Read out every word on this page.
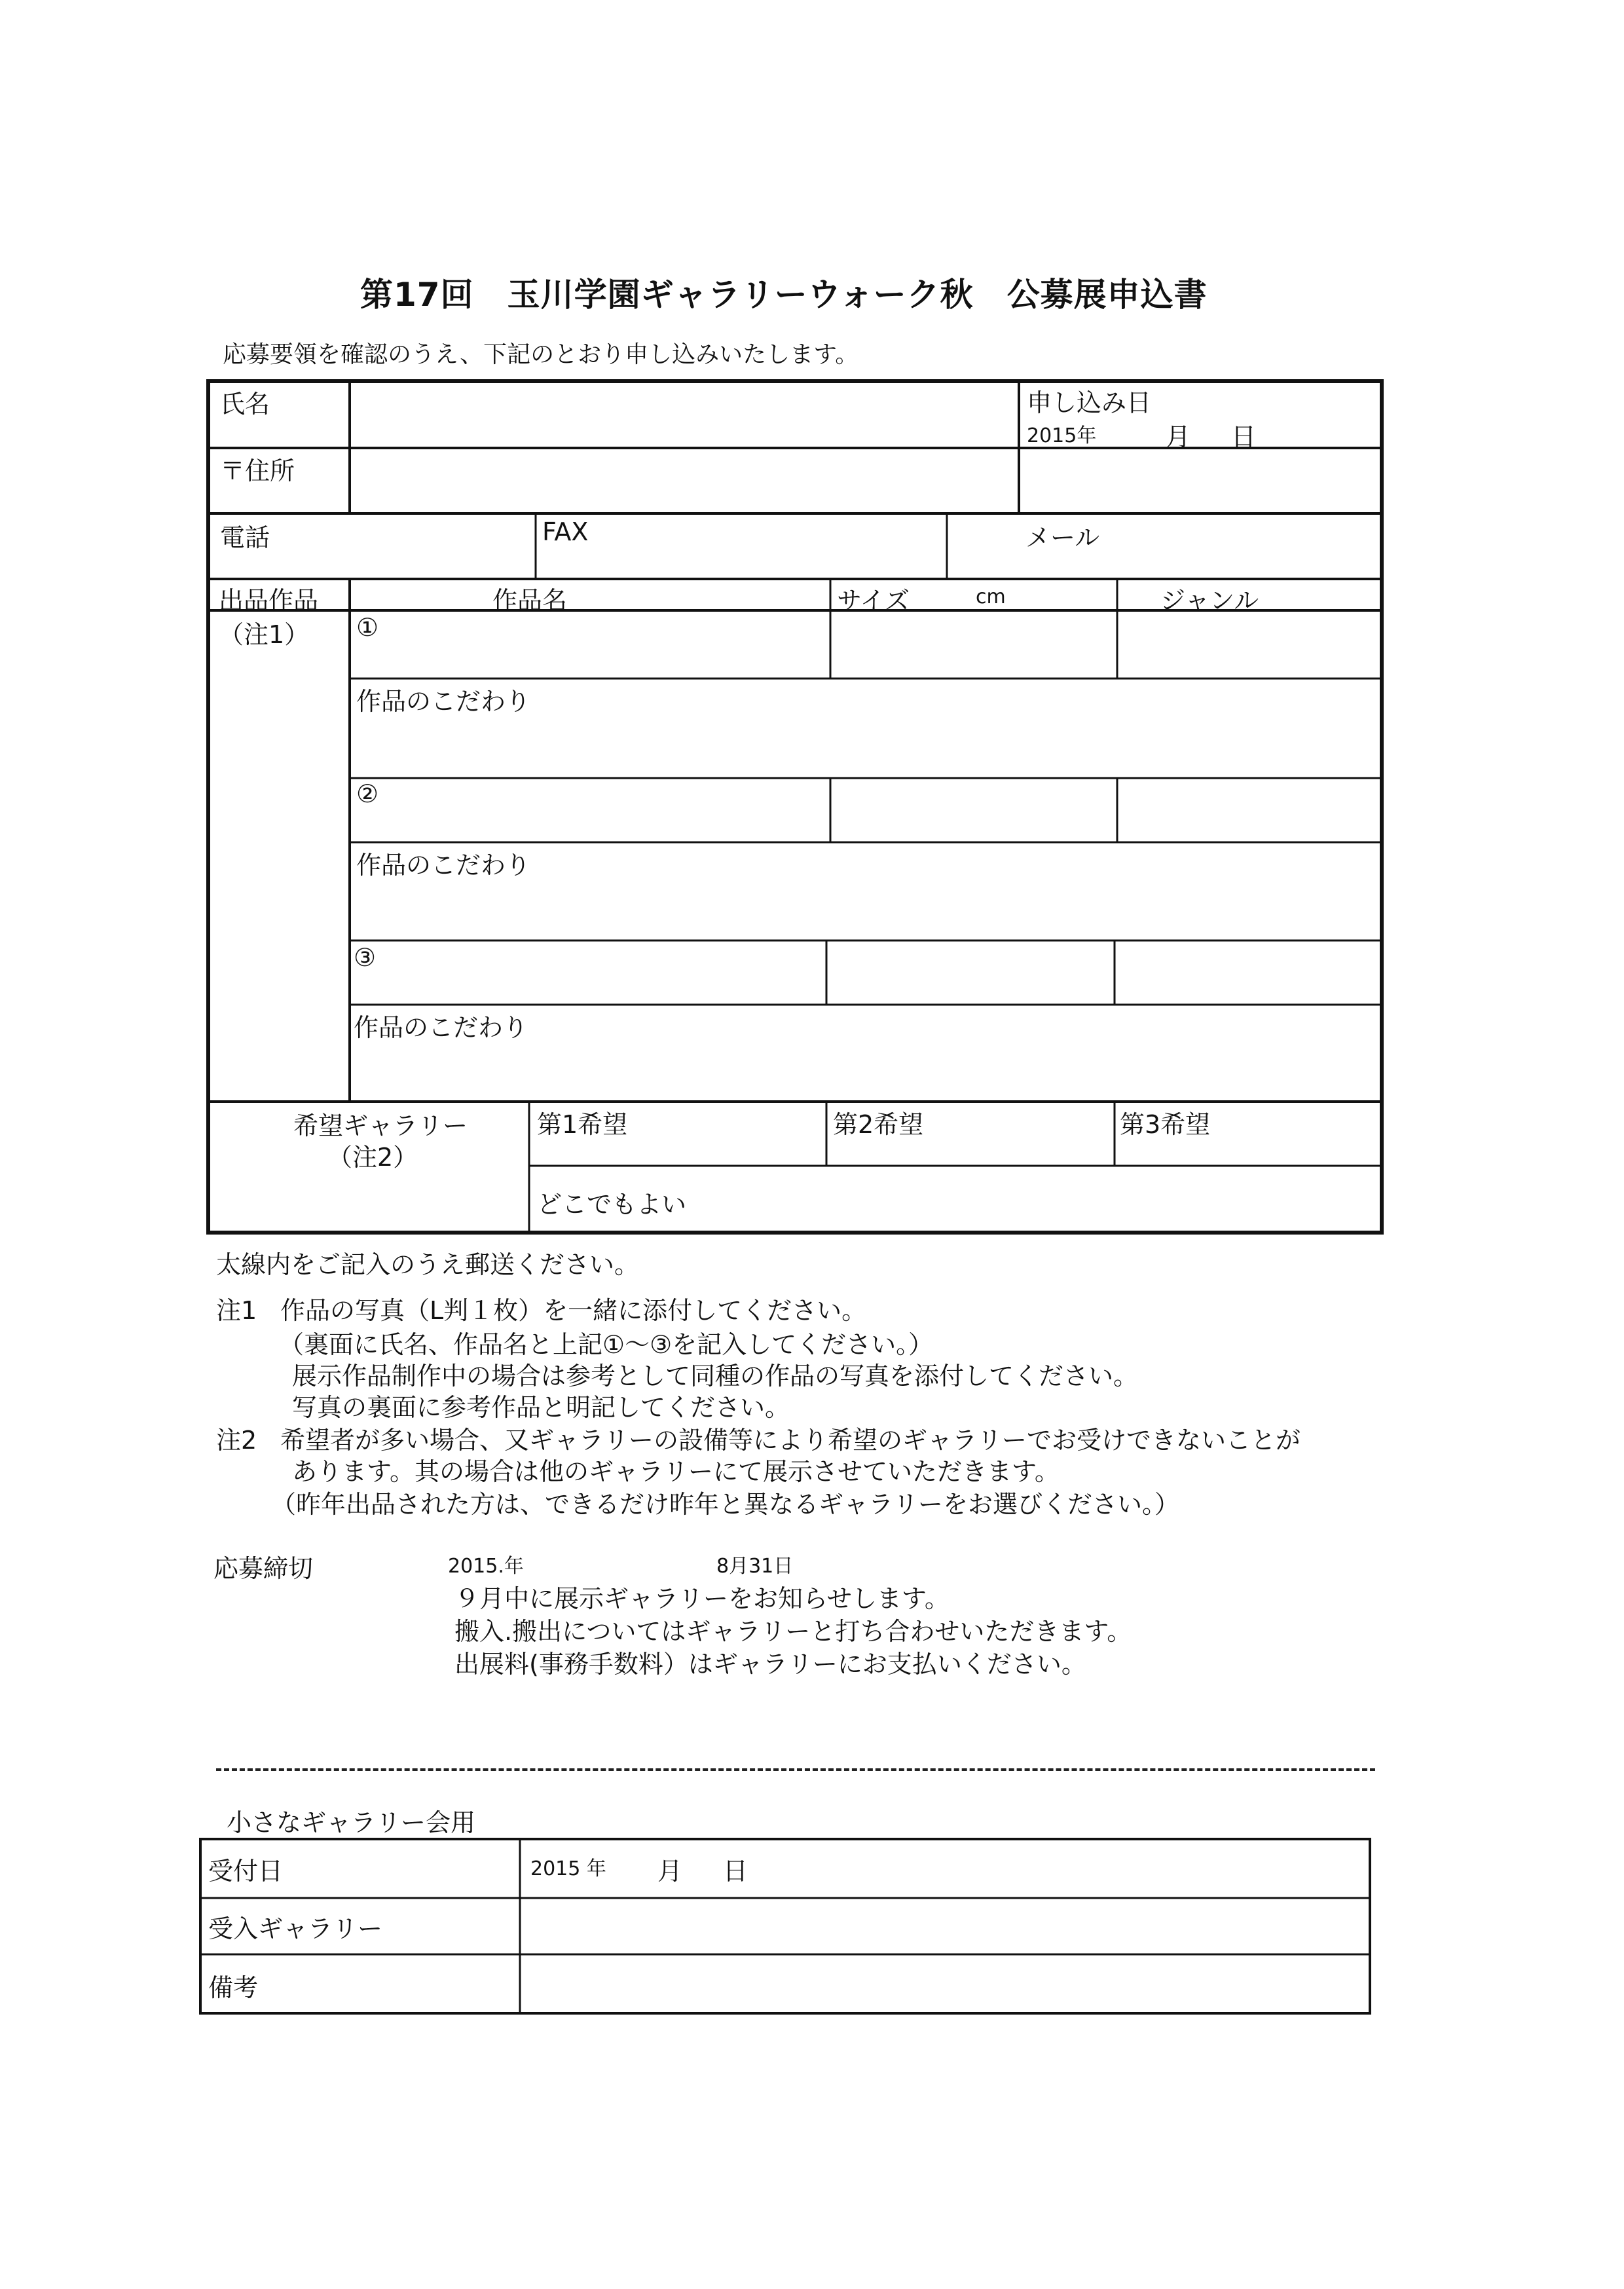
第17回　玉川学園ギャラリーウォーク秋　公募展申込書
応募要領を確認のうえ、下記のとおり申し込みいたします。
氏名	申し込み日
2015年	月 日
〒住所
電話	FAX	メール
出品作品
（注1）
作品名	サイズ	cm	ジャンル
①
作品のこだわり
②
作品のこだわり
③
作品のこだわり
希望ギャラリー
（注2）
第1希望	第2希望	第3希望
どこでもよい
太線内をご記入のうえ郵送ください。
注1 作品の写真（L判１枚）を一緒に添付してください。
（裏面に氏名、作品名と上記①～③を記入してください。）
展示作品制作中の場合は参考として同種の作品の写真を添付してください。
写真の裏面に参考作品と明記してください。
注2 希望者が多い場合、又ギャラリーの設備等により希望のギャラリーでお受けできないことが
あります。其の場合は他のギャラリーにて展示させていただきます。
（昨年出品された方は、できるだけ昨年と異なるギャラリーをお選びください。）
応募締切	2015.年	8月31日
９月中に展示ギャラリーをお知らせします。
搬入.搬出についてはギャラリーと打ち合わせいただきます。
出展料(事務手数料）はギャラリーにお支払いください。
小さなギャラリー会用
受付日	2015 年 月 日
受入ギャラリー
備考
